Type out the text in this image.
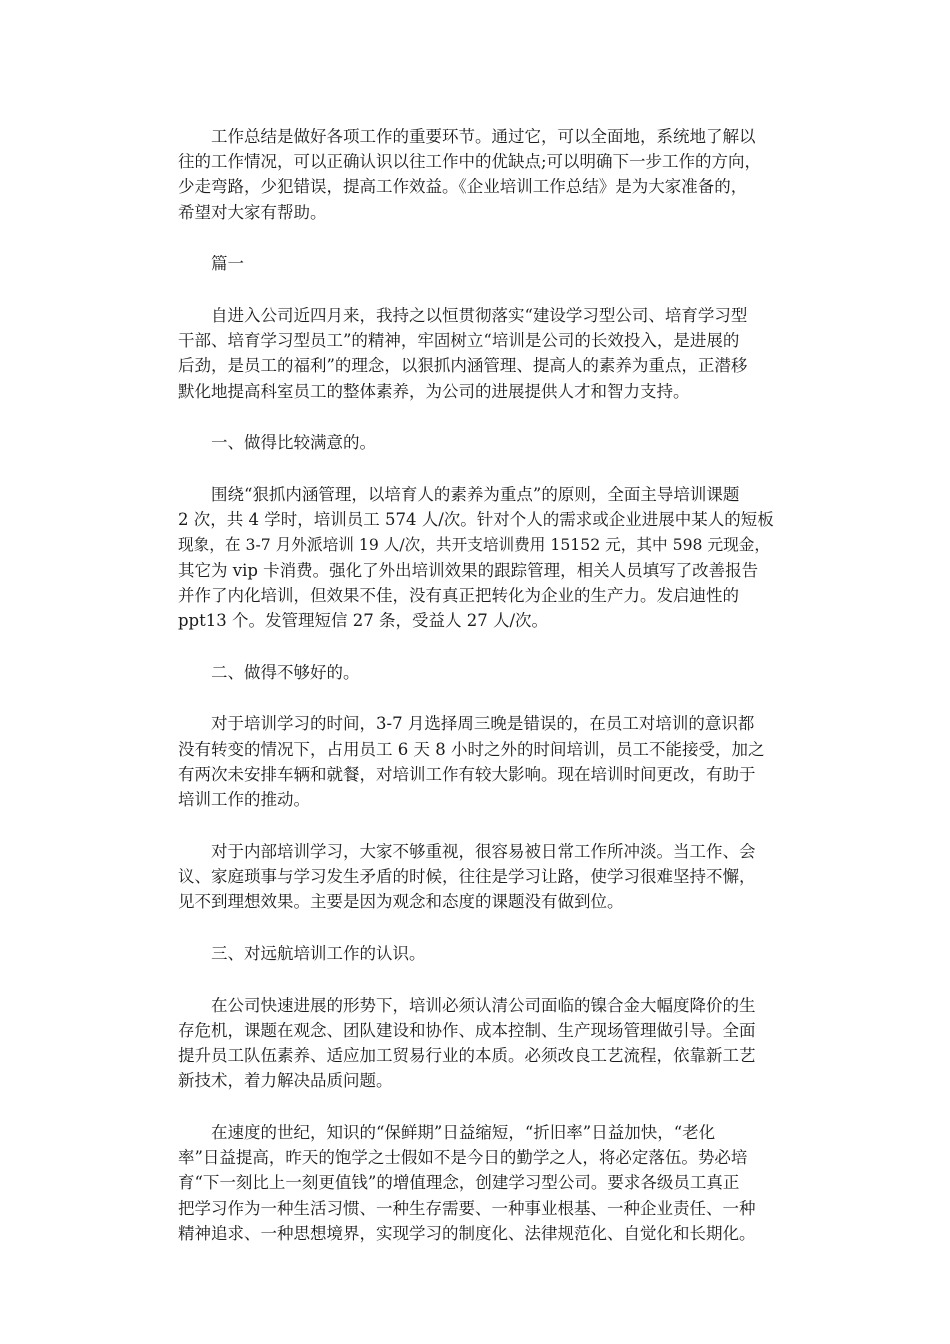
工作总结是做好各项工作的重要环节。通过它，可以全面地，系统地了解以
往的工作情况，可以正确认识以往工作中的优缺点;可以明确下一步工作的方向，
少走弯路，少犯错误，提高工作效益。《企业培训工作总结》是为大家准备的，
希望对大家有帮助。
篇一
自进入公司近四月来，我持之以恒贯彻落实“建设学习型公司、培育学习型
干部、培育学习型员工”的精神，牢固树立“培训是公司的长效投入，是进展的
后劲，是员工的福利”的理念，以狠抓内涵管理、提高人的素养为重点，正潜移
默化地提高科室员工的整体素养，为公司的进展提供人才和智力支持。
一、做得比较满意的。
围绕“狠抓内涵管理，以培育人的素养为重点”的原则，全面主导培训课题
2 次，共 4 学时，培训员工 574 人/次。针对个人的需求或企业进展中某人的短板
现象，在 3-7 月外派培训 19 人/次，共开支培训费用 15152 元，其中 598 元现金，
其它为 vip 卡消费。强化了外出培训效果的跟踪管理，相关人员填写了改善报告
并作了内化培训，但效果不佳，没有真正把转化为企业的生产力。发启迪性的
ppt13 个。发管理短信 27 条，受益人 27 人/次。
二、做得不够好的。
对于培训学习的时间，3-7 月选择周三晚是错误的，在员工对培训的意识都
没有转变的情况下，占用员工 6 天 8 小时之外的时间培训，员工不能接受，加之
有两次未安排车辆和就餐，对培训工作有较大影响。现在培训时间更改，有助于
培训工作的推动。
对于内部培训学习，大家不够重视，很容易被日常工作所冲淡。当工作、会
议、家庭琐事与学习发生矛盾的时候，往往是学习让路，使学习很难坚持不懈，
见不到理想效果。主要是因为观念和态度的课题没有做到位。
三、对远航培训工作的认识。
在公司快速进展的形势下，培训必须认清公司面临的镍合金大幅度降价的生
存危机，课题在观念、团队建设和协作、成本控制、生产现场管理做引导。全面
提升员工队伍素养、适应加工贸易行业的本质。必须改良工艺流程，依靠新工艺
新技术，着力解决品质问题。
在速度的世纪，知识的“保鲜期”日益缩短，“折旧率”日益加快，“老化
率”日益提高，昨天的饱学之士假如不是今日的勤学之人，将必定落伍。势必培
育“下一刻比上一刻更值钱”的增值理念，创建学习型公司。要求各级员工真正
把学习作为一种生活习惯、一种生存需要、一种事业根基、一种企业责任、一种
精神追求、一种思想境界，实现学习的制度化、法律规范化、自觉化和长期化。
